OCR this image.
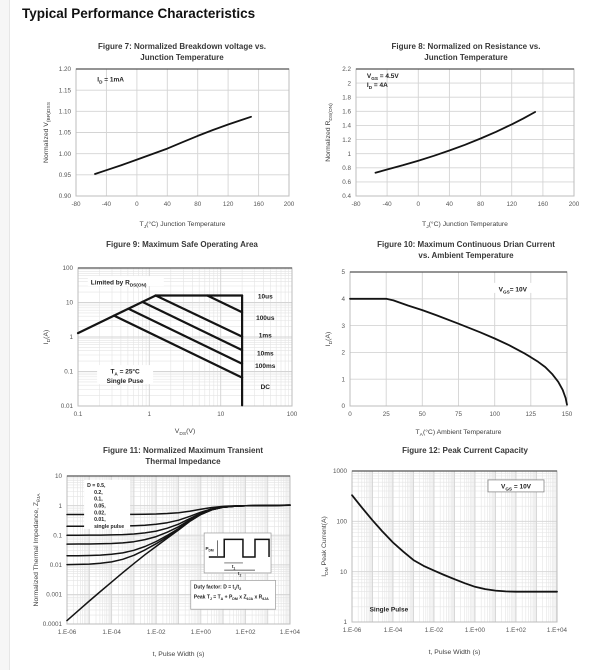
Typical Performance Characteristics
Figure 7: Normalized Breakdown voltage vs.
Junction Temperature
-80	-40	0	40	80	120	160	200
0.90
0.95
1.00
1.05
1.10
1.15
1.20
$I_D = 1mA$
$T_J(^\circ C)$ Junction Temperature
Normalized $V_{(BR)DSS}$
Figure 8: Normalized on Resistance vs.
Junction Temperature
-80	-40	0	40	80	120	160	200
0.4
0.6
0.8
1
1.2
1.4
1.6
1.8
2
2.2
$V_{GS} = 4.5V$
$I_D = 4A$
$T_J(^\circ C)$ Junction Temperature
Normalized $R_{DS(ON)}$
Figure 9: Maximum Safe Operating Area
0.1	1	10	100
0.01
0.1
1
10
100
Limited by $R_{DS(ON)}$
$T_A = 25^\circ C$
Single Puse
10us
100us
1ms
10ms
100ms
DC
$V_{DS}(V)$
$I_D(A)$
Figure 10: Maximum Continuous Drian Current
vs. Ambient Temperature
0	25	50	75	100	125	150
0
1
2
3
4
5
$V_{GS}= 10V$
$T_A(^\circ C)$ Ambient Temperature
$I_D(A)$
Figure 11: Normalized Maximum Transient
Thermal Impedance
1.E-06	1.E-04	1.E-02	1.E+00	1.E+02	1.E+04
0.0001
0.001
0.01
0.1
1
10
D = 0.5,
0.2,
0.1,
0.05,
0.02,
0.01,
single pulse
$P_{DM}$
$t_1$
$t_2$
Duty factor: $D = t_1/t_2$
Peak $T_J = T_A + P_{DM}$ x $Z_{\theta JA}$ x $R_{\theta JA}$
t, Pulse Width (s)
Normalized Thermal Impedance, $Z_{\theta JA}$
Figure 12: Peak Current Capacity
1.E-06	1.E-04	1.E-02	1.E+00	1.E+02	1.E+04
1
10
100
1000
$V_{GS} = 10V$
Single Pulse
t, Pulse Width (s)
$I_{DM}$ Peak Current(A)
